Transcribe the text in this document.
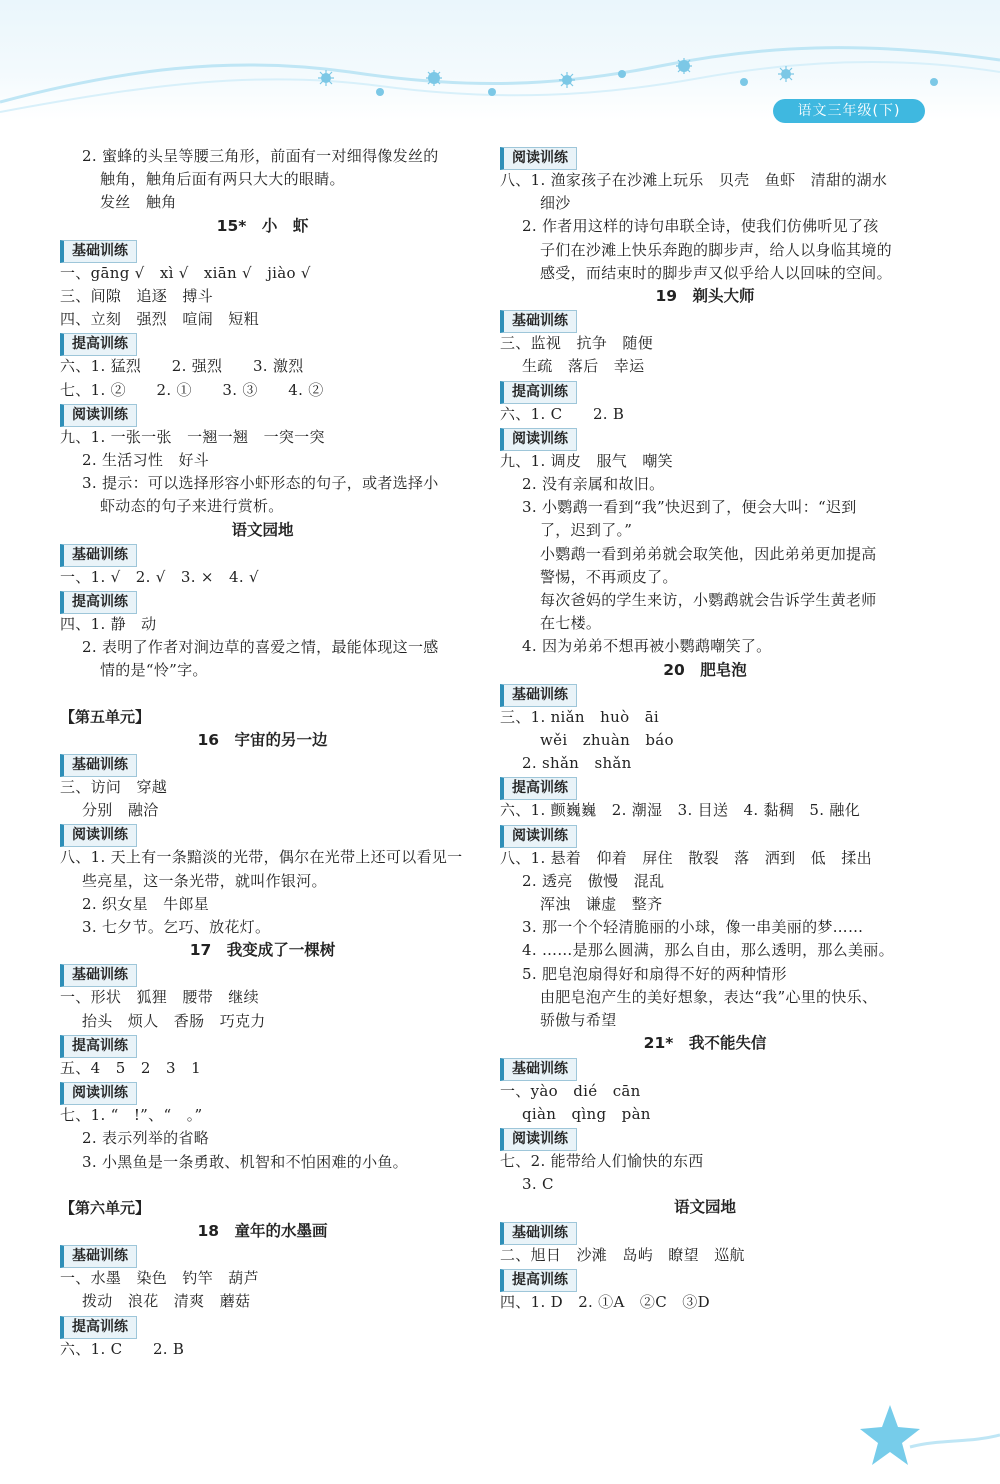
语文三年级(下)
2. 蜜蜂的头呈等腰三角形，前面有一对细得像发丝的
触角，触角后面有两只大大的眼睛。
发丝　触角
15*　小　虾
基础训练
一、gāng √　xì √　xiān √　jiào √
三、间隙　追逐　搏斗
四、立刻　强烈　喧闹　短粗
提高训练
六、1. 猛烈　　2. 强烈　　3. 激烈
七、1. ②　　2. ①　　3. ③　　4. ②
阅读训练
九、1. 一张一张　一翘一翘　一突一突
2. 生活习性　好斗
3. 提示：可以选择形容小虾形态的句子，或者选择小
虾动态的句子来进行赏析。
语文园地
基础训练
一、1. √　2. √　3. ×　4. √
提高训练
四、1. 静　动
2. 表明了作者对涧边草的喜爱之情，最能体现这一感
情的是“怜”字。
【第五单元】
16　宇宙的另一边
基础训练
三、访问　穿越
分别　融洽
阅读训练
八、1. 天上有一条黯淡的光带，偶尔在光带上还可以看见一
些亮星，这一条光带，就叫作银河。
2. 织女星　牛郎星
3. 七夕节。乞巧、放花灯。
17　我变成了一棵树
基础训练
一、形状　狐狸　腰带　继续
抬头　烦人　香肠　巧克力
提高训练
五、4　5　2　3　1
阅读训练
七、1. “　!”、“　。”
2. 表示列举的省略
3. 小黑鱼是一条勇敢、机智和不怕困难的小鱼。
【第六单元】
18　童年的水墨画
基础训练
一、水墨　染色　钓竿　葫芦
拨动　浪花　清爽　蘑菇
提高训练
六、1. C　　2. B
阅读训练
八、1. 渔家孩子在沙滩上玩乐　贝壳　鱼虾　清甜的湖水
细沙
2. 作者用这样的诗句串联全诗，使我们仿佛听见了孩
子们在沙滩上快乐奔跑的脚步声，给人以身临其境的
感受，而结束时的脚步声又似乎给人以回味的空间。
19　剃头大师
基础训练
三、监视　抗争　随便
生疏　落后　幸运
提高训练
六、1. C　　2. B
阅读训练
九、1. 调皮　服气　嘲笑
2. 没有亲属和故旧。
3. 小鹦鹉一看到“我”快迟到了，便会大叫：“迟到
了，迟到了。”
小鹦鹉一看到弟弟就会取笑他，因此弟弟更加提高
警惕，不再顽皮了。
每次爸妈的学生来访，小鹦鹉就会告诉学生黄老师
在七楼。
4. 因为弟弟不想再被小鹦鹉嘲笑了。
20　肥皂泡
基础训练
三、1. niǎn　huò　āi
wěi　zhuàn　báo
2. shǎn　shǎn
提高训练
六、1. 颤巍巍　2. 潮湿　3. 目送　4. 黏稠　5. 融化
阅读训练
八、1. 悬着　仰着　屏住　散裂　落　洒到　低　揉出
2. 透亮　傲慢　混乱
浑浊　谦虚　整齐
3. 那一个个轻清脆丽的小球，像一串美丽的梦……
4. ……是那么圆满，那么自由，那么透明，那么美丽。
5. 肥皂泡扇得好和扇得不好的两种情形
由肥皂泡产生的美好想象，表达“我”心里的快乐、
骄傲与希望
21*　我不能失信
基础训练
一、yào　dié　cān
qiàn　qìng　pàn
阅读训练
七、2. 能带给人们愉快的东西
3. C
语文园地
基础训练
二、旭日　沙滩　岛屿　瞭望　巡航
提高训练
四、1. D　2. ①A　②C　③D
